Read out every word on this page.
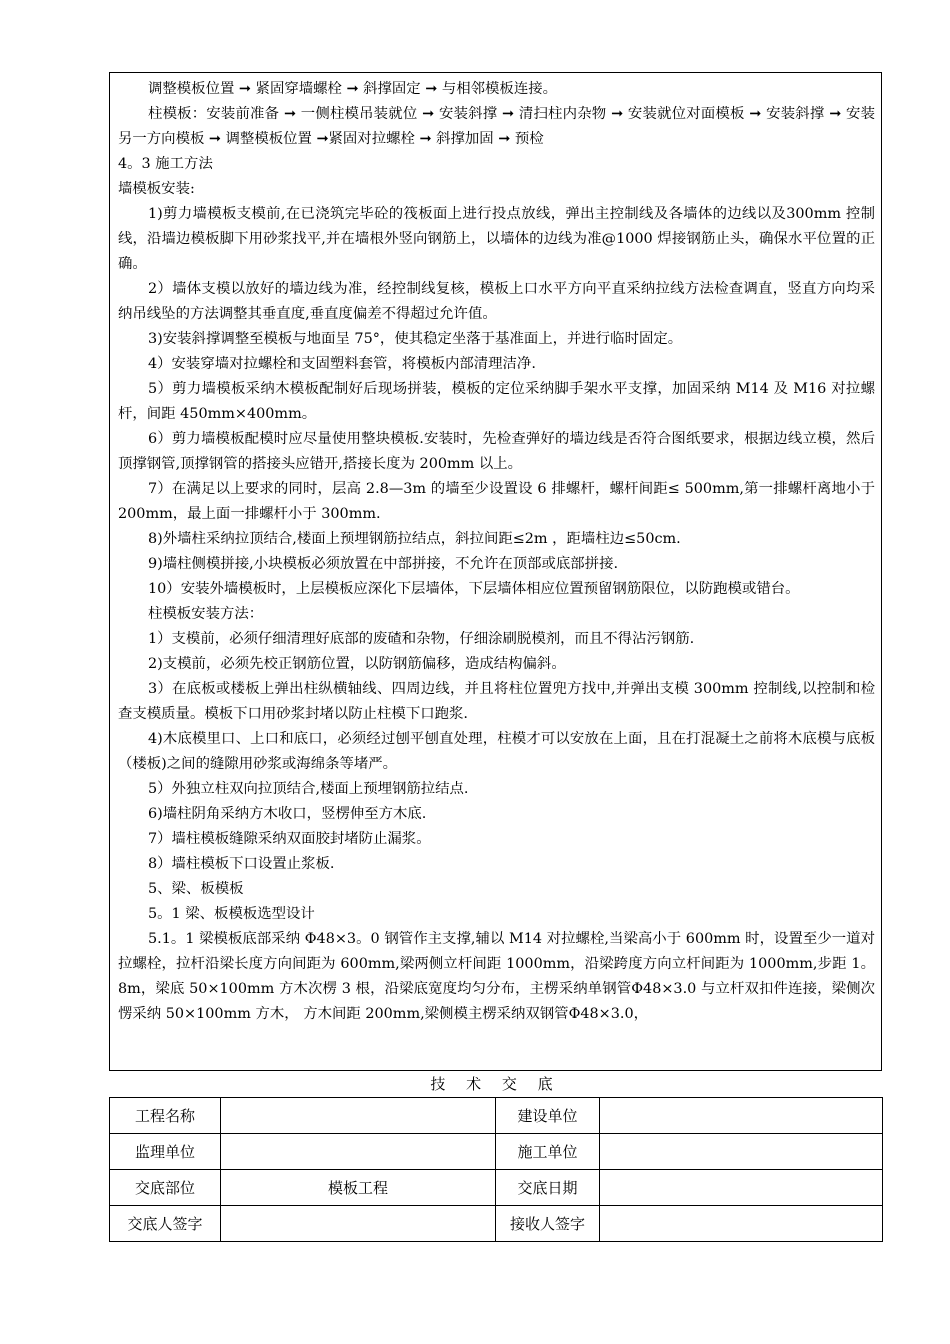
调整模板位置 ➞ 紧固穿墙螺栓 ➞ 斜撑固定 ➞ 与相邻模板连接。

柱模板：安装前准备 ➞ 一侧柱模吊装就位 ➞ 安装斜撑 ➞ 清扫柱内杂物 ➞ 安装就位对面模板 ➞ 安装斜撑 ➞ 安装另一方向模板 ➞ 调整模板位置 ➞紧固对拉螺栓 ➞ 斜撑加固 ➞ 预检

4。3 施工方法

墙模板安装:

1)剪力墙模板支模前,在已浇筑完毕砼的筏板面上进行投点放线，弹出主控制线及各墙体的边线以及300mm 控制线，沿墙边模板脚下用砂浆找平,并在墙根外竖向钢筋上，以墙体的边线为准@1000 焊接钢筋止头，确保水平位置的正确。

2）墙体支模以放好的墙边线为准，经控制线复核，模板上口水平方向平直采纳拉线方法检查调直，竖直方向均采纳吊线坠的方法调整其垂直度,垂直度偏差不得超过允许值。

3)安装斜撑调整至模板与地面呈 75°，使其稳定坐落于基准面上，并进行临时固定。

4）安装穿墙对拉螺栓和支固塑料套管，将模板内部清理洁净.

5）剪力墙模板采纳木模板配制好后现场拼装，模板的定位采纳脚手架水平支撑，加固采纳 M14 及 M16 对拉螺杆，间距 450mm×400mm。

6）剪力墙模板配模时应尽量使用整块模板.安装时，先检查弹好的墙边线是否符合图纸要求，根据边线立模，然后顶撑钢管,顶撑钢管的搭接头应错开,搭接长度为 200mm 以上。

7）在满足以上要求的同时，层高 2.8—3m 的墙至少设置设 6 排螺杆，螺杆间距≤ 500mm,第一排螺杆离地小于 200mm，最上面一排螺杆小于 300mm.

8)外墙柱采纳拉顶结合,楼面上预埋钢筋拉结点，斜拉间距≤2m ，距墙柱边≤50cm.

9)墙柱侧模拼接,小块模板必须放置在中部拼接，不允许在顶部或底部拼接.

10）安装外墙模板时，上层模板应深化下层墙体，下层墙体相应位置预留钢筋限位，以防跑模或错台。

柱模板安装方法：

1）支模前，必须仔细清理好底部的废碴和杂物，仔细涂刷脱模剂，而且不得沾污钢筋.

2)支模前，必须先校正钢筋位置，以防钢筋偏移，造成结构偏斜。

3）在底板或楼板上弹出柱纵横轴线、四周边线，并且将柱位置兜方找中,并弹出支模 300mm 控制线,以控制和检查支模质量。模板下口用砂浆封堵以防止柱模下口跑浆.

4)木底模里口、上口和底口，必须经过刨平刨直处理，柱模才可以安放在上面，且在打混凝土之前将木底模与底板（楼板)之间的缝隙用砂浆或海绵条等堵严。

5）外独立柱双向拉顶结合,楼面上预埋钢筋拉结点.

6)墙柱阴角采纳方木收口，竖楞伸至方木底.

7）墙柱模板缝隙采纳双面胶封堵防止漏浆。

8）墙柱模板下口设置止浆板.

5、梁、板模板

5。1 梁、板模板选型设计

5.1。1 梁模板底部采纳 Φ48×3。0 钢管作主支撑,辅以 M14 对拉螺栓,当梁高小于 600mm 时，设置至少一道对拉螺栓，拉杆沿梁长度方向间距为 600mm,梁两侧立杆间距 1000mm，沿梁跨度方向立杆间距为 1000mm,步距 1。8m，梁底 50×100mm 方木次楞 3 根，沿梁底宽度均匀分布，主楞采纳单钢管Φ48×3.0 与立杆双扣件连接，梁侧次愣采纳 50×100mm 方木， 方木间距 200mm,梁侧模主楞采纳双钢管Φ48×3.0，

技 术 交 底
工程名称		建设单位	
监理单位		施工单位	
交底部位	模板工程	交底日期	
交底人签字		接收人签字	
